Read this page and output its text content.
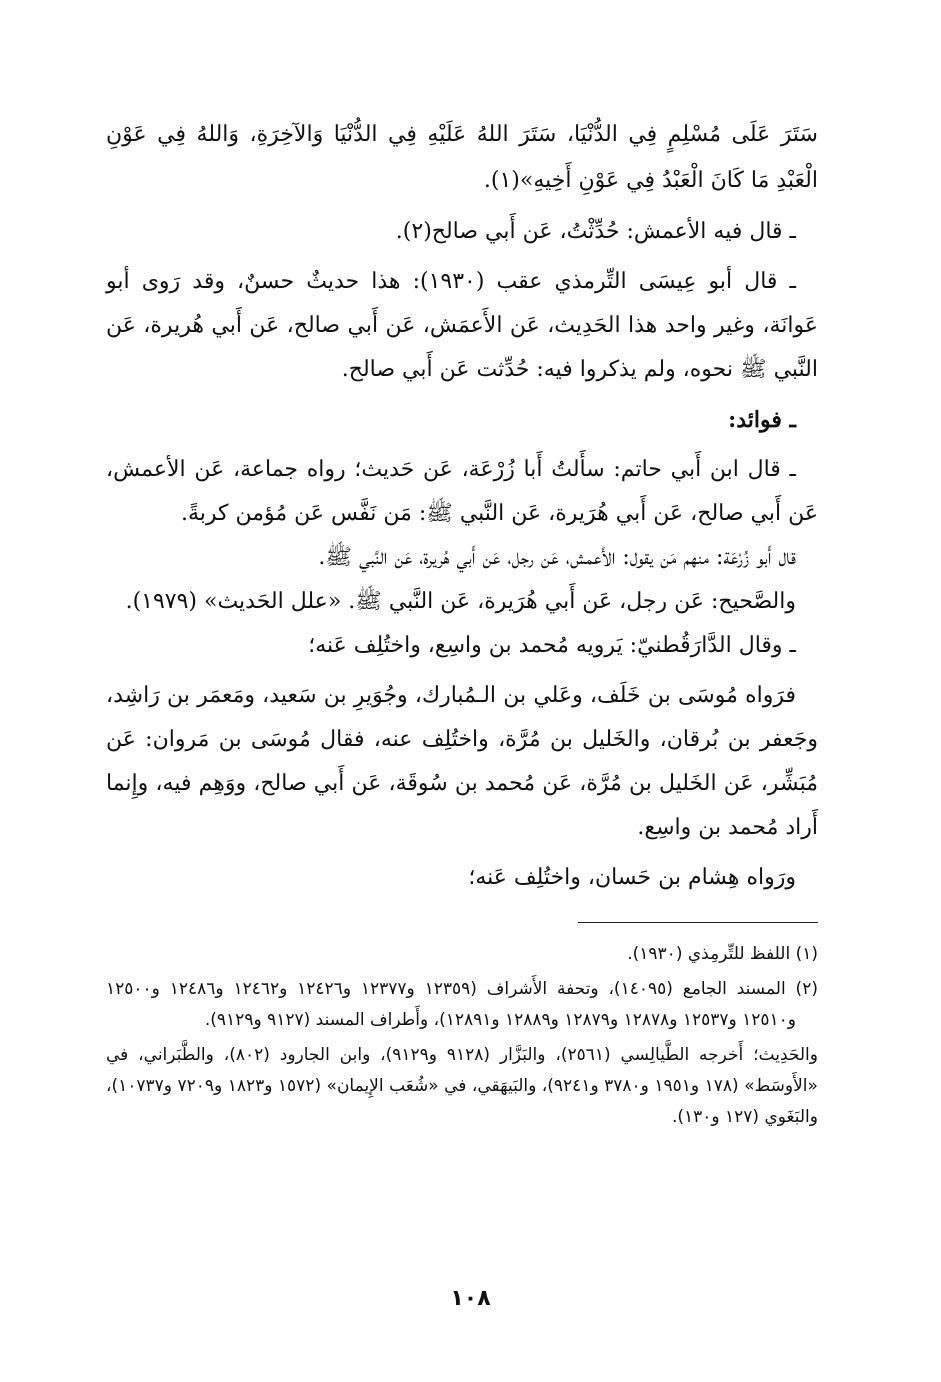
سَتَرَ عَلَى مُسْلِمٍ فِي الدُّنْيَا، سَتَرَ اللهُ عَلَيْهِ فِي الدُّنْيَا وَالآخِرَةِ، وَاللهُ فِي عَوْنِ الْعَبْدِ مَا كَانَ الْعَبْدُ فِي عَوْنِ أَخِيهِ»(١).

ـ قال فيه الأعمش: حُدِّثْتُ، عَن أَبي صالح(٢).

ـ قال أبو عِيسَى التِّرمذي عقب (١٩٣٠): هذا حديثٌ حسنٌ، وقد رَوى أبو عَوانَة، وغير واحد هذا الحَدِيث، عَن الأَعمَش، عَن أَبي صالح، عَن أَبي هُريرة، عَن النَّبي ﷺ نحوه، ولم يذكروا فيه: حُدِّثت عَن أَبي صالح.

ـ فوائد:

ـ قال ابن أَبي حاتم: سأَلتُ أَبا زُرْعَة، عَن حَديث؛ رواه جماعة، عَن الأعمش، عَن أَبي صالح، عَن أَبي هُرَيرة، عَن النَّبي ﷺ: مَن نَفَّس عَن مُؤمن كربةً.

قال أَبو زُرْعَة: منهم مَن يقول: الأَعمش، عَن رجل، عَن أَبي هُريرة، عَن النَّبي ﷺ.

والصَّحيح: عَن رجل، عَن أَبي هُرَيرة، عَن النَّبي ﷺ. «علل الحَديث» (١٩٧٩).

ـ وقال الدَّارَقُطنيّ: يَرويه مُحمد بن واسِع، واختُلِف عَنه؛

فرَواه مُوسَى بن خَلَف، وعَلي بن الـمُبارك، وجُوَيرِ بن سَعيد، ومَعمَر بن رَاشِد، وجَعفر بن بُرقان، والخَليل بن مُرَّة، واختُلِف عنه، فقال مُوسَى بن مَروان: عَن مُبَشِّر، عَن الخَليل بن مُرَّة، عَن مُحمد بن سُوقَة، عَن أَبي صالح، ووَهِم فيه، وإِنما أَراد مُحمد بن واسِع.

ورَواه هِشام بن حَسان، واختُلِف عَنه؛

(١) اللفظ للتِّرمِذي (١٩٣٠).

(٢) المسند الجامع (١٤٠٩٥)، وتحفة الأَشراف (١٢٣٥٩ و١٢٣٧٧ و١٢٤٢٦ و١٢٤٦٢ و١٢٤٨٦ و١٢٥٠٠ و١٢٥١٠ و١٢٥٣٧ و١٢٨٧٨ و١٢٨٧٩ و١٢٨٨٩ و١٢٨٩١)، وأَطراف المسند (٩١٢٧ و٩١٢٩).

والحَدِيث؛ أَخرجه الطَّيالِسي (٢٥٦١)، والبَزَّار (٩١٢٨ و٩١٢٩)، وابن الجارود (٨٠٢)، والطَّبَراني، في «الأَوسَط» (١٧٨ و١٩٥١ و٣٧٨٠ و٩٢٤١)، والبَيهَقي، في «شُعَب الإِيمان» (١٥٧٢ و١٨٢٣ و٧٢٠٩ و١٠٧٣٧)، والبَغَوي (١٢٧ و١٣٠).

١٠٨
